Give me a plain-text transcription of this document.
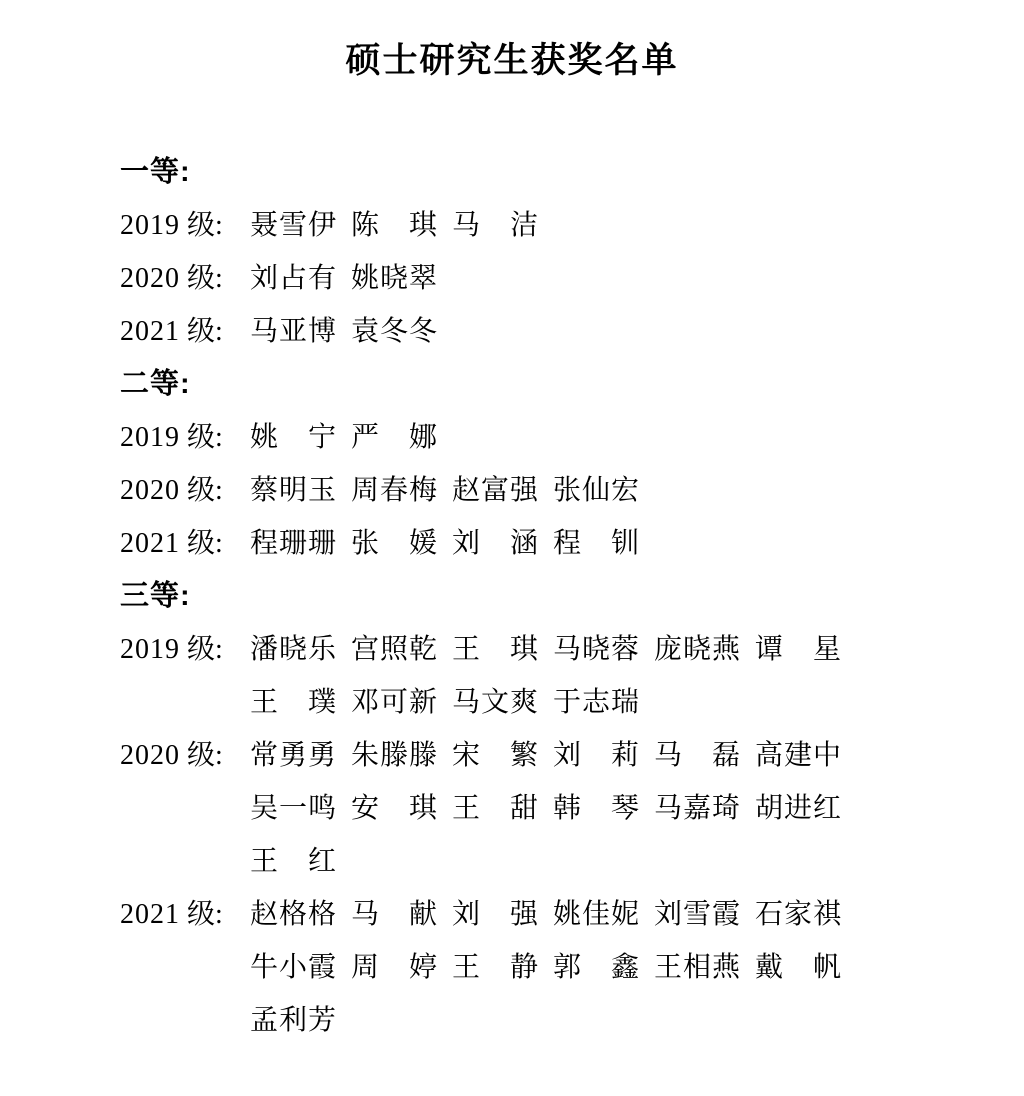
硕士研究生获奖名单
一等:
2019 级: 聂雪伊 陈　琪 马　洁
2020 级: 刘占有 姚晓翠
2021 级: 马亚博 袁冬冬
二等:
2019 级: 姚　宁 严　娜
2020 级: 蔡明玉 周春梅 赵富强 张仙宏
2021 级: 程珊珊 张　媛 刘　涵 程　钏
三等:
2019 级: 潘晓乐 宫照乾 王　琪 马晓蓉 庞晓燕 谭　星
王　璞 邓可新 马文爽 于志瑞
2020 级: 常勇勇 朱滕滕 宋　繁 刘　莉 马　磊 高建中
吴一鸣 安　琪 王　甜 韩　琴 马嘉琦 胡进红
王　红
2021 级: 赵格格 马　献 刘　强 姚佳妮 刘雪霞 石家祺
牛小霞 周　婷 王　静 郭　鑫 王相燕 戴　帆
孟利芳
